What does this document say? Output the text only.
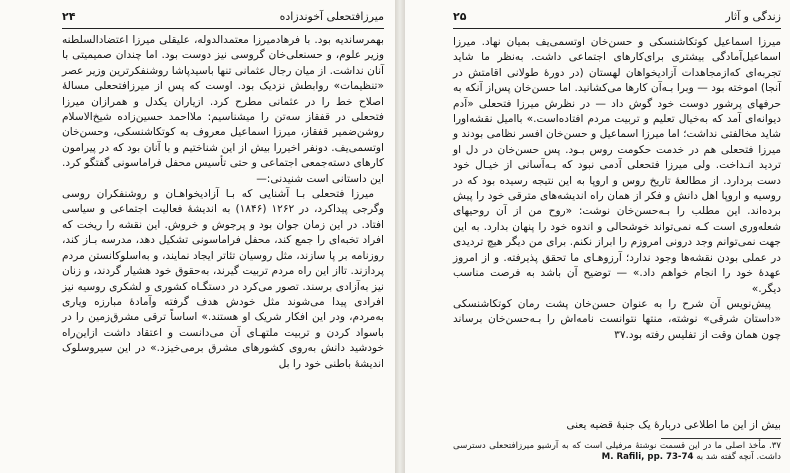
میرزافتحعلی آخوندزاده
۲۴

بهمرساندیه بود. با فرهادمیرزا معتمدالدوله، علیقلی میرزا اعتضادالسلطنه وزیر علوم، و حسنعلی‌خان گروسی نیز دوست بود. اما چندان صمیمیتی با آنان نداشت. از میان رجال عثمانی تنها باسید‌پاشا روشنفکرترین وزیر عصر «تنظیمات» روابطش نزدیک بود. اوست که پس از میرزافتحعلی مسالهٔ اصلاح خط را در عثمانی مطرح کرد. ازیاران یکدل و همرازان میرزا فتحعلی در قفقاز سه‌تن را میشناسیم: ملااحمد حسین‌زاده شیخ‌الاسلام روشن‌ضمیر قفقاز، میرزا اسماعیل معروف به کوتکاشنسکی، وحسن‌خان اوتسمی‌یف. دونفر اخیررا بیش از این شناختیم و با آنان بود که در پیرامون کارهای دسته‌جمعی اجتماعی و حتی تأسیس محفل فراماسونی گفتگو کرد. این داستانی است شنیدنی:—

میرزا فتحعلی بـا آشنایی که بـا آزادیخواهـان و روشنفکران روسی وگرجی پیداکرد، در ۱۲۶۲ (۱۸۴۶) به اندیشهٔ فعالیت اجتماعی و سیاسی افتاد. در این زمان جوان بود و پرجوش و خروش. این نقشه را ریخت که افراد تخبه‌ای را جمع کند، محفل فراماسونی تشکیل دهد، مدرسه بـاز کند، روزنامه بر پا سازند، مثل روسیان تئاتر ایجاد نمایند، و به‌اسلوکانستن مردم پردازند. تااز این راه مردم تربیت گیرند، به‌حقوق خود هشیار گردند، و زنان نیز به‌آزادی برسند. تصور می‌کرد در دستگـاه کشوری و لشکری روسیه نیز افرادی پیدا می‌شوند مثل خودش هدف گرفته وآمادهٔ مبارزه ویاری به‌مردم، ودر این افکار شریک او هستند.» اساساً ترقی مشرق‌زمین را در باسواد کردن و تربیت ملتهـای آن می‌دانست و اعتقاد داشت ازاین‌راه خودشید دانش به‌روی کشورهای مشرق برمی‌خیزد.» در این سیروسلوک اندیشهٔ باطنی خود را بل

زندگی و آثار
۲۵

میرزا اسماعیل کوتکاشنسکی و حسن‌خان اوتسمی‌یف بمیان نهاد. میرزا اسماعیل‌آمادگی بیشتری برای‌کارهای اجتماعی داشت. به‌نظر ما شاید تجربه‌ای که‌ازمجاهدات آزادیخواهان لهستان (در دورهٔ طولانی اقامتش در آنجا) اموخته بود — وبرا بـه‌آن کارها می‌کشانید. اما حسن‌خان پس‌از آنکه به حرفهای پرشور دوست خود گوش داد — در نظرش میرزا فتحعلی «آدم دیوانه‌ای آمد که به‌خیال تعلیم و تربیت مردم افتاده‌است.» باامیل نقشه‌اورا شاید مخالفتی نداشت؛ اما میرزا اسماعیل و حسن‌خان افسر نظامی بودند و میرزا فتحعلی هم در خدمت حکومت روس بـود. پس حسن‌خان در دل او تردید انـداخت. ولی میرزا فتحعلی آدمی نبود که بـه‌آسانی از خیـال خود دست بردارد. از مطالعهٔ تاریخ روس و اروپا به این نتیجه رسیده بود که در روسیه و اروپا اهل دانش و فکر از همان راه اندیشه‌های مترقی خود را پیش برده‌اند. این مطلب را بـه‌حسن‌خان نوشت: «روح من از آن روحیهای شعله‌وری است کـه نمی‌تواند خوشحالی و اندوه خود را پنهان بدارد. به این جهت نمی‌توانم وجد درونی امروزم را ابراز نکنم. برای من دیگر هیچ تردیدی در عملی بودن نقشه‌ها وجود ندارد؛ آرزوهـای ما تحقق پذیرفته. و از امروز عهدهٔ خود را انجام خواهم داد.» — توضیح آن باشد به فرصت مناسب دیگر.»

پیش‌نویس آن شرح را به عنوان حسن‌خان پشت رمان کوتکاشنسکی «داستان شرقی» نوشته، منتها نتوانست نامه‌اش را بـه‌حسن‌خان برساند چون همان وقت از تفلیس رفته بود.۳۷

بیش از این ما اطلاعی دربارهٔ یک جنبهٔ قضیه یعنی
۳۷. مأخذ اصلی ما در این قسمت نوشتهٔ مرفیلی است که به آرشیو میرزافتحعلی دسترسی داشت. آنچه گفته شد به M. Rafili, pp. 73-74
